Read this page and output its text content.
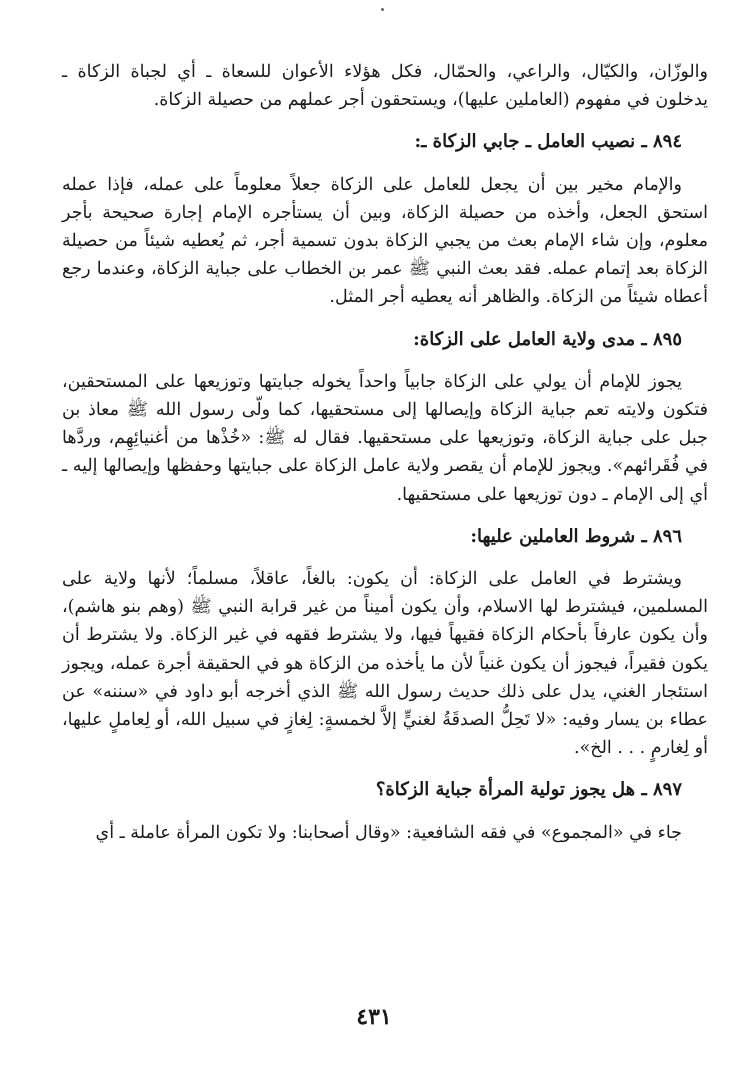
والوزّان، والكيّال، والراعي، والحمّال، فكل هؤلاء الأعوان للسعاة ـ أي لجباة الزكاة ـ يدخلون في مفهوم (العاملين عليها)، ويستحقون أجر عملهم من حصيلة الزكاة.

٨٩٤ ـ نصيب العامل ـ جابي الزكاة ـ:

والإمام مخير بين أن يجعل للعامل على الزكاة جعلاً معلوماً على عمله، فإذا عمله استحق الجعل، وأخذه من حصيلة الزكاة، وبين أن يستأجره الإمام إجارة صحيحة بأجر معلوم، وإن شاء الإمام بعث من يجبي الزكاة بدون تسمية أجر، ثم يُعطيه شيئاً من حصيلة الزكاة بعد إتمام عمله. فقد بعث النبي ﷺ عمر بن الخطاب على جباية الزكاة، وعندما رجع أعطاه شيئاً من الزكاة. والظاهر أنه يعطيه أجر المثل.

٨٩٥ ـ مدى ولاية العامل على الزكاة:

يجوز للإمام أن يولي على الزكاة جابياً واحداً يخوله جبايتها وتوزيعها على المستحقين، فتكون ولايته تعم جباية الزكاة وإيصالها إلى مستحقيها، كما ولّى رسول الله ﷺ معاذ بن جبل على جباية الزكاة، وتوزيعها على مستحقيها. فقال له ﷺ: «خُذْها من أغنيائِهِم، وردَّها في فُقَرائهم». ويجوز للإمام أن يقصر ولاية عامل الزكاة على جبايتها وحفظها وإيصالها إليه ـ أي إلى الإمام ـ دون توزيعها على مستحقيها.

٨٩٦ ـ شروط العاملين عليها:

ويشترط في العامل على الزكاة: أن يكون: بالغاً، عاقلاً، مسلماً؛ لأنها ولاية على المسلمين، فيشترط لها الاسلام، وأن يكون أميناً من غير قرابة النبي ﷺ (وهم بنو هاشم)، وأن يكون عارفاً بأحكام الزكاة فقيهاً فيها، ولا يشترط فقهه في غير الزكاة. ولا يشترط أن يكون فقيراً، فيجوز أن يكون غنياً لأن ما يأخذه من الزكاة هو في الحقيقة أجرة عمله، ويجوز استئجار الغني، يدل على ذلك حديث رسول الله ﷺ الذي أخرجه أبو داود في «سننه» عن عطاء بن يسار وفيه: «لا تَحِلُّ الصدقَةُ لغنيٍّ إلاَّ لخمسةٍ: لِغازٍ في سبيل الله، أو لِعاملٍ عليها، أو لِغارمٍ . . . الخ».

٨٩٧ ـ هل يجوز تولية المرأة جباية الزكاة؟

جاء في «المجموع» في فقه الشافعية: «وقال أصحابنا: ولا تكون المرأة عاملة ـ أي

٤٣١
